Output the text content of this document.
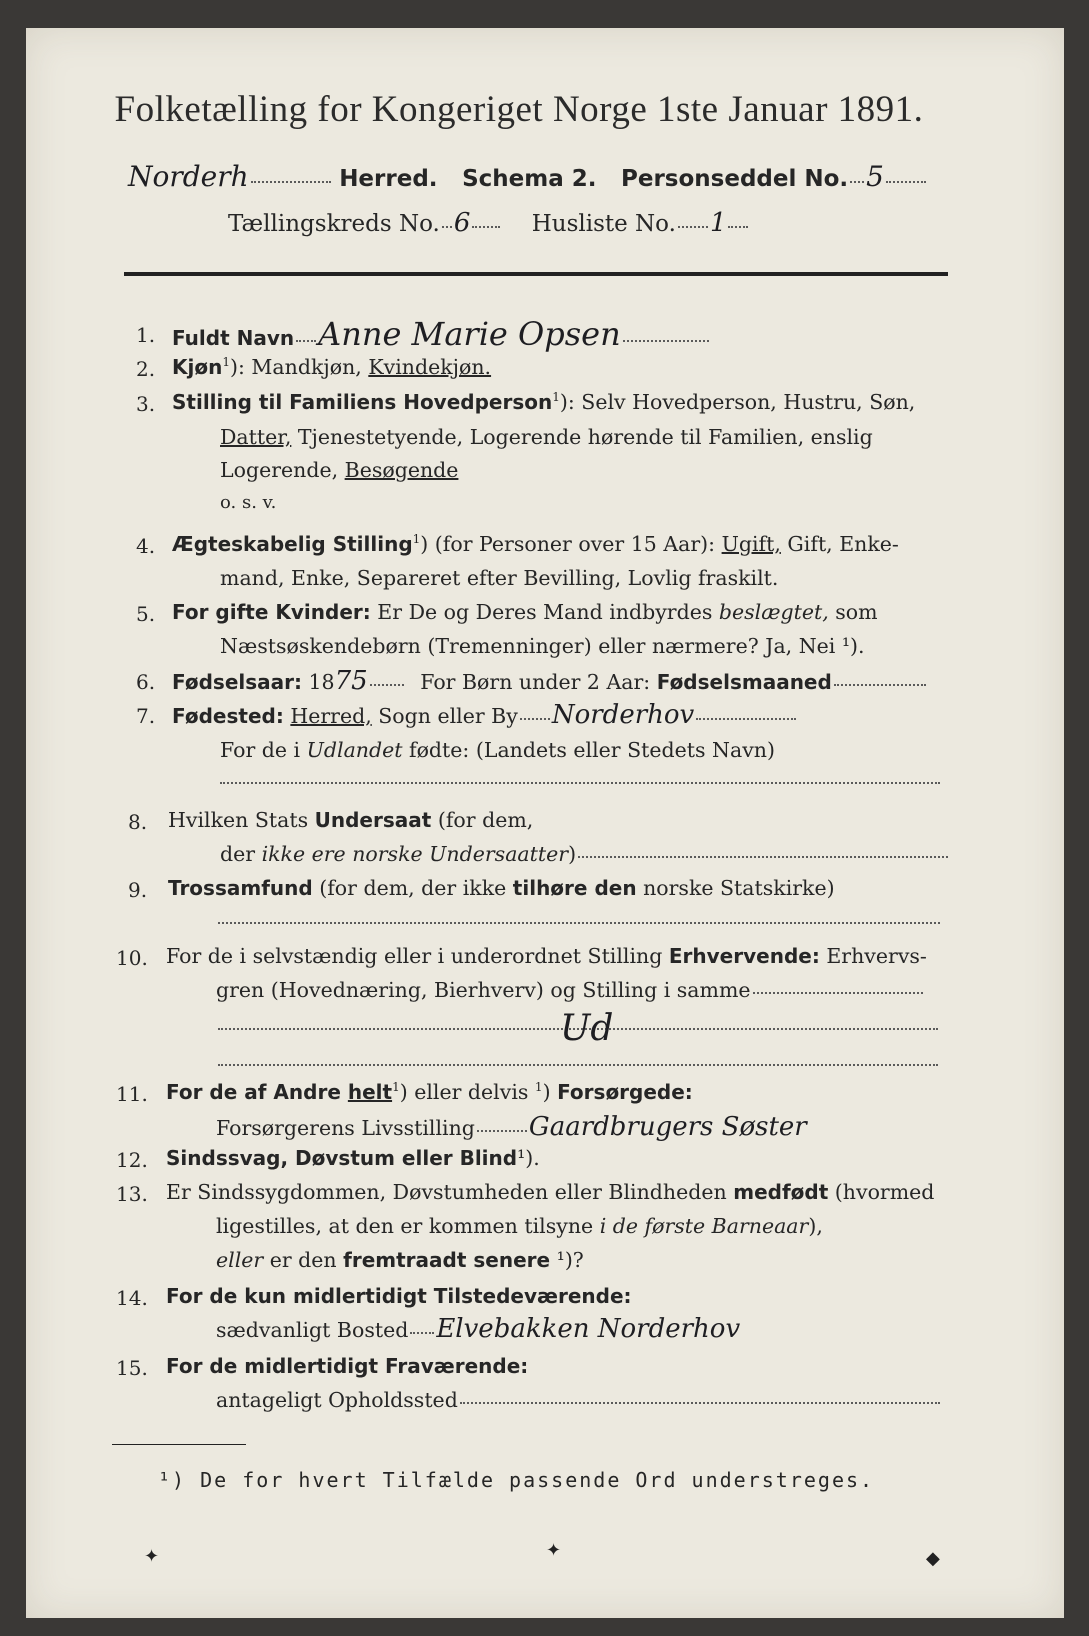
Folketælling for Kongeriget Norge 1ste Januar 1891.
Norderh	Herred. Schema 2. Personseddel No. 5
Tællingskreds No. 6	Husliste No. 1
1. Fuldt Navn Anne Marie Opsen
2. Kjøn$^1$): Mandkjøn, Kvindekjøn.
3. Stilling til Familiens Hovedperson$^1$): Selv Hovedperson, Hustru, Søn,
Datter, Tjenestetyende, Logerende hørende til Familien, enslig
Logerende, Besøgende
o. s. v.
4. Ægteskabelig Stilling$^1$) (for Personer over 15 Aar): Ugift, Gift, Enke-
mand, Enke, Separeret efter Bevilling, Lovlig fraskilt.
5. For gifte Kvinder: Er De og Deres Mand indbyrdes beslægtet, som
Næstsøskendebørn (Tremenninger) eller nærmere? Ja, Nei ¹).
6. Fødselsaar: 1875	For Børn under 2 Aar: Fødselsmaaned
7. Fødested: Herred, Sogn eller By Norderhov
For de i Udlandet fødte: (Landets eller Stedets Navn)
8. Hvilken Stats Undersaat (for dem,
der ikke ere norske Undersaatter)
9. Trossamfund (for dem, der ikke tilhøre den norske Statskirke)
10. For de i selvstændig eller i underordnet Stilling Erhvervende: Erhvervs-
gren (Hovednæring, Bierhverv) og Stilling i samme
Ud
11. For de af Andre helt$^1$) eller delvis $^1$) Forsørgede:
Forsørgerens Livsstilling Gaardbrugers Søster
12. Sindssvag, Døvstum eller Blind¹).
13. Er Sindssygdommen, Døvstumheden eller Blindheden medfødt (hvormed
ligestilles, at den er kommen tilsyne i de første Barneaar),
eller er den fremtraadt senere ¹)?
14. For de kun midlertidigt Tilstedeværende:
sædvanligt Bosted Elvebakken Norderhov
15. For de midlertidigt Fraværende:
antageligt Opholdssted
¹) De for hvert Tilfælde passende Ord understreges.
✦	✦	◆
